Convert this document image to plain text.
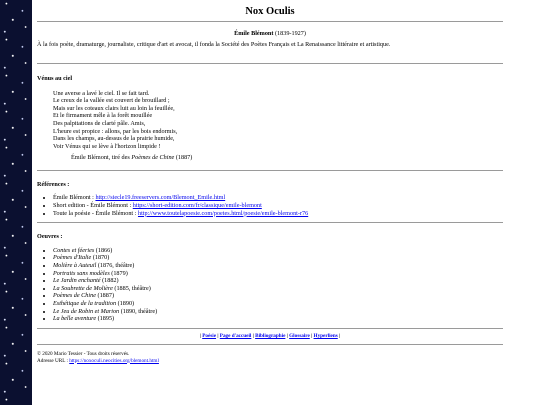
Nox Oculis
Émile Blémont (1839-1927)
À la fois poète, dramaturge, journaliste, critique d'art et avocat, il fonda la Société des Poètes Français et La Renaissance littéraire et artistique.
Vénus au ciel
Une averse a lavé le ciel. Il se fait tard.
Le creux de la vallée est couvert de brouillard ;
Mais sur les coteaux clairs luit au loin la feuillée,
Et le firmament mêle à la forêt mouillée
Des palpitations de clarté pâle. Amis,
L'heure est propice : allons, par les bois endormis,
Dans les champs, au-dessus de la prairie humide,
Voir Vénus qui se lève à l'horizon limpide !
Émile Blémont, tiré des Poèmes de Chine (1887)
Références :
• Émile Blémont : http://siecle19.freeservers.com/Blemont_Emile.html
• Short edition - Émile Blémont : https://short-edition.com/fr/classique/emile-blemont
• Toute la poésie - Émile Blémont : http://www.toutelapoesie.com/poetes.html/poesie/emile-blemont-r76
Oeuvres :
• Contes et féeries (1866)
• Poèmes d'Italie (1870)
• Molière à Auteuil (1876, théâtre)
• Portraits sans modèles (1879)
• Le Jardin enchanté (1882)
• La Soubrette de Molière (1885, théâtre)
• Poèmes de Chine (1887)
• Esthétique de la tradition (1890)
• Le Jeu de Robin et Marion (1890, théâtre)
• La belle aventure (1895)
| Poésie | Page d'accueil | Bibliographie | Glossaire | Hyperliens |
© 2020 Mario Tessier - Tous droits réservés.
Adresse URL : https://noxoculi.neocities.org/blemont.html
